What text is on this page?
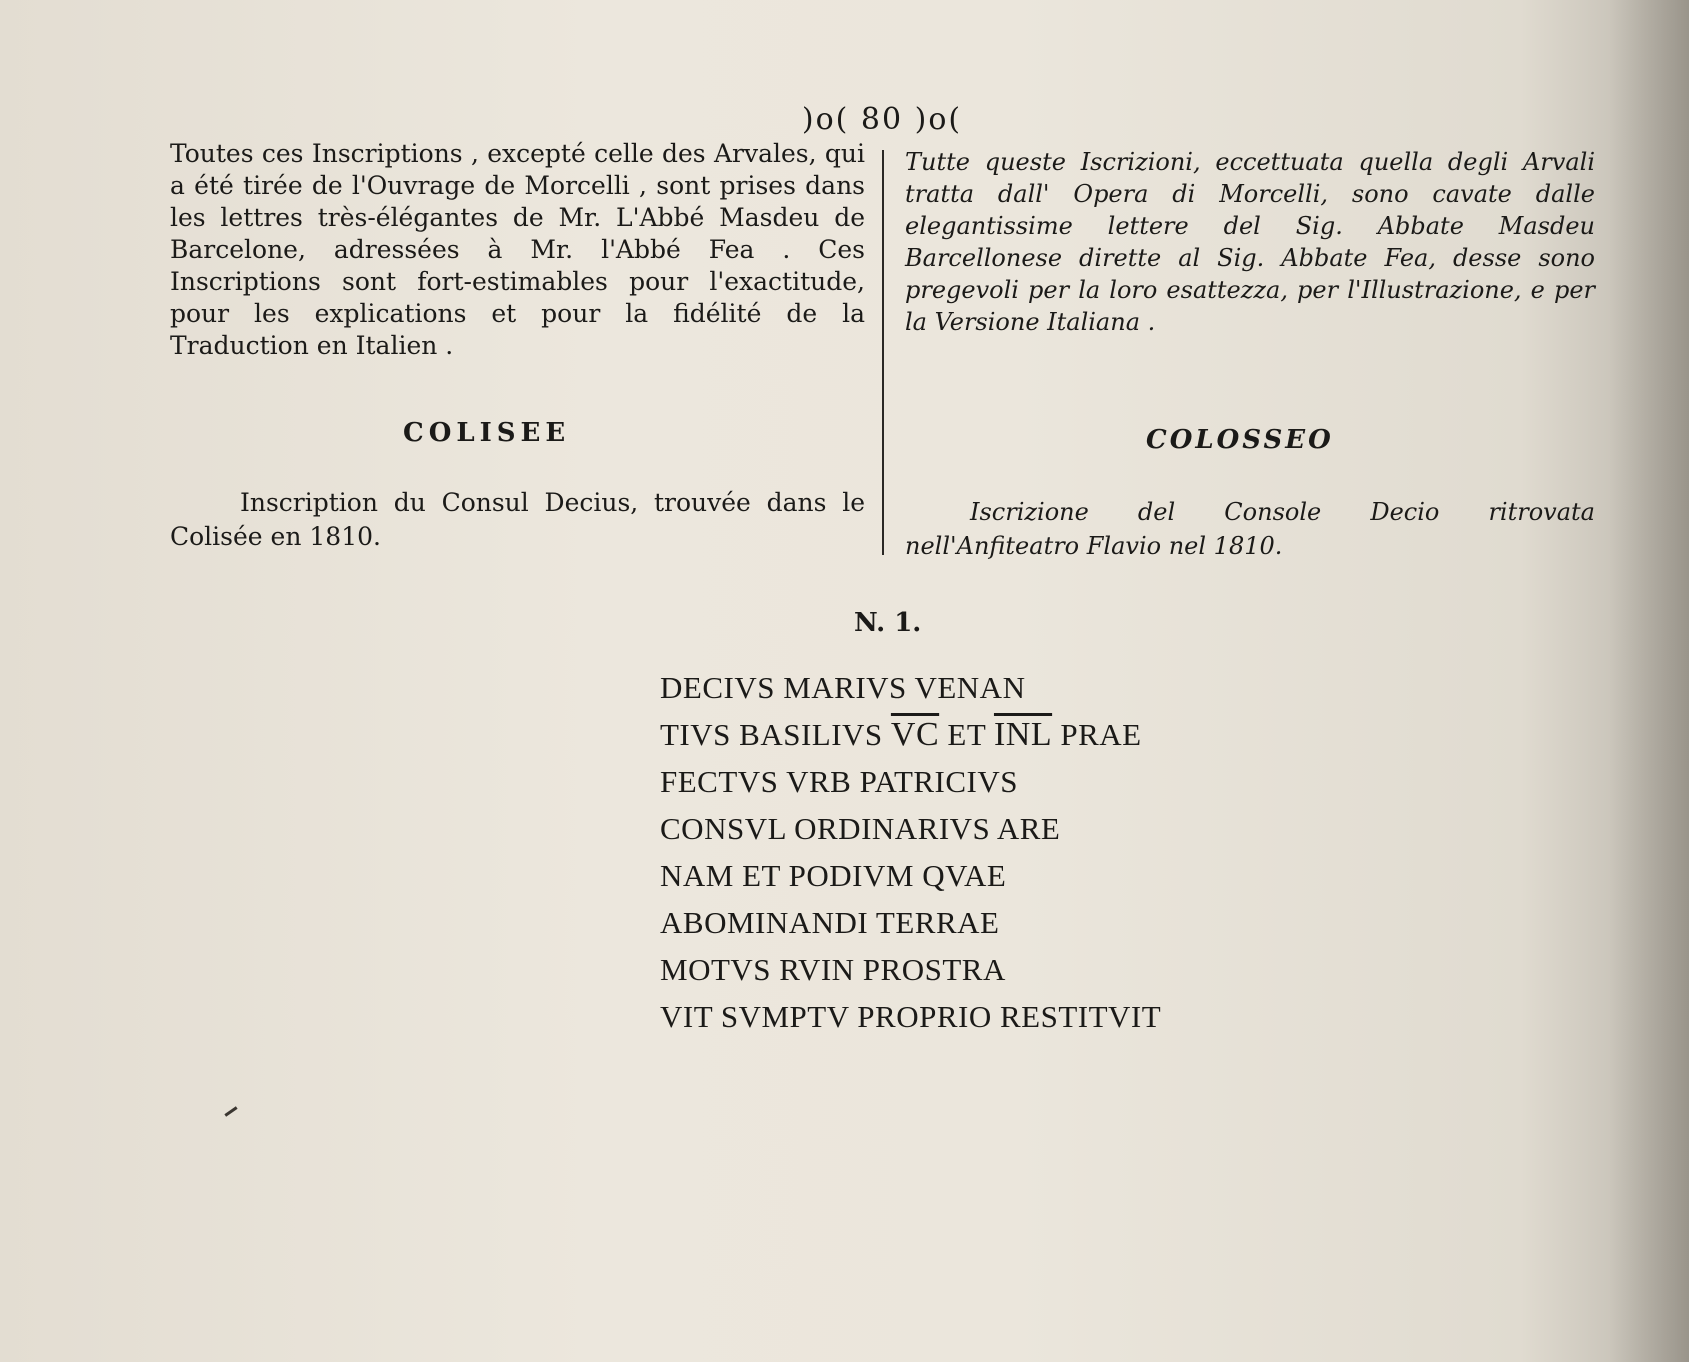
)o( 80 )o(

Toutes ces Inscriptions , excepté celle des Arvales, qui a été tirée de l'Ouvrage de Morcelli , sont prises dans les lettres très-élégantes de Mr. L'Abbé Masdeu de Barcelone, adressées à Mr. l'Abbé Fea . Ces Inscriptions sont fort-estimables pour l'exactitude, pour les explications et pour la fidélité de la Traduction en Italien .

Tutte queste Iscrizioni, eccettuata quella degli Arvali tratta dall' Opera di Morcelli, sono cavate dalle elegantissime lettere del Sig. Abbate Masdeu Barcellonese dirette al Sig. Abbate Fea, desse sono pregevoli per la loro esattezza, per l'Illustrazione, e per la Versione Italiana .

COLISEE	COLOSSEO
Inscription du Consul Decius, trouvée dans le Colisée en 1810.
Iscrizione del Console Decio ritrovata nell'Anfiteatro Flavio nel 1810.
N. 1.
DECIVS MARIVS VENAN
TIVS BASILIVS $\overline{VC}$ ET $\overline{INL}$ PRAE
FECTVS VRB PATRICIVS
CONSVL ORDINARIVS ARE
NAM ET PODIVM QVAE
ABOMINANDI TERRAE
MOTVS RVIN PROSTRA
VIT SVMPTV PROPRIO RESTITVIT
